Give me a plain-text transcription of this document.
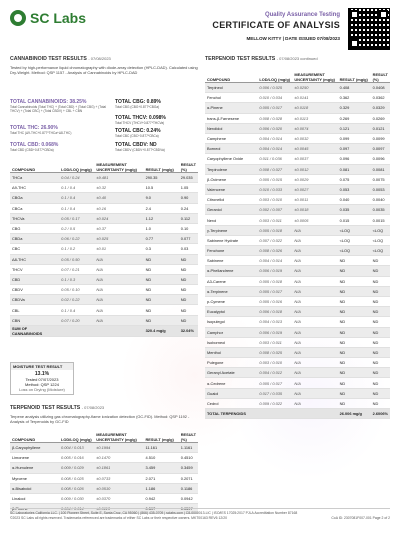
SC Labs	Quality Assurance Testing
CERTIFICATE OF ANALYSIS
MELLOW KITTY | DATE ISSUED 07/08/2023
CANNABINOID TEST RESULTS - 07/08/2023
Tested by high-performance liquid chromatography with diode-array detection (HPLC-DAD). Calculated using Dry-Weight. Method: QSP 1157 - Analysis of Cannabinoids by HPLC-DAD
TOTAL CANNABINOIDS: 38.25%
Total Cannabinoids (Total THC) + (Total CBD) + (Total CBG) + (Total THCV) + (Total CBC) + (Total CBDV) + CBL + CBN
TOTAL CBG: 0.89%
Total CBG (CBG+0.877*CBGa)
TOTAL THC: 26.90%
Total THC (Δ9-THC+0.877*THCa+Δ8-THC)
TOTAL THCV: 0.098%
Total THCV (THCV+0.877*THCVa)
TOTAL CBD: 0.068%
Total CBD (CBD+0.877*CBDa)
TOTAL CBC: 0.24%
Total CBC (CBC+0.877*CBCa)
TOTAL CBDV: ND
Total CBDV (CBDV+0.877*CBDVa)
COMPOUND	LOD/LOQ (mg/g)	MEASUREMENT UNCERTAINTY (mg/g)	RESULT (mg/g)	RESULT (%)
THCa	0.04 / 0.24	±9.481	290.35	29.035
Δ9-THC	0.1 / 0.4	±0.32	10.5	1.05
CBGa	0.1 / 0.4	±0.40	9.0	0.90
CBCa	0.1 / 0.4	±0.16	2.4	0.24
THCVa	0.05 / 0.17	±0.024	1.12	0.112
CBG	0.2 / 0.5	±0.37	1.0	0.10
CBDa	0.06 / 0.22	±0.025	0.77	0.077
CBC	0.1 / 0.2	±0.01	0.3	0.03
Δ8-THC	0.05 / 0.50	N/A	ND	ND
THCV	0.07 / 0.21	N/A	ND	ND
CBD	0.1 / 0.3	N/A	ND	ND
CBDV	0.05 / 0.10	N/A	ND	ND
CBDVa	0.02 / 0.22	N/A	ND	ND
CBL	0.1 / 0.4	N/A	ND	ND
CBN	0.07 / 0.20	N/A	ND	ND
SUM OF CANNABINOIDS			320.4 mg/g	32.04%
MOISTURE TEST RESULT
13.1%
Tested 07/07/2023
Method: QSP 1224
Loss on Drying (Moisture)
TERPENOID TEST RESULTS - 07/08/2023
Terpene analysis utilizing gas chromatography-flame ionization detection (GC-FID). Method: QSP 1192 - Analysis of Terpenoids by GC-FID
COMPOUND	LOD/LOQ (mg/g)	MEASUREMENT UNCERTAINTY (mg/g)	RESULT (mg/g)	RESULT (%)
β-Caryophyllene	0.004 / 0.013	±0.1994	11.161	1.1161
Limonene	0.005 / 0.016	±0.1470	4.510	0.4510
α-Humulene	0.009 / 0.029	±0.1861	3.459	0.3459
Myrcene	0.008 / 0.025	±0.0733	2.071	0.2071
α-Bisabolol	0.008 / 0.026	±0.0510	1.186	0.1186
Linalool	0.009 / 0.030	±0.0370	0.942	0.0942
β-Pinene	0.004 / 0.014	±0.0113	0.597	0.0597
TERPENOID TEST RESULTS - 07/08/2023 continued
COMPOUND	LOD/LOQ (mg/g)	MEASUREMENT UNCERTAINTY (mg/g)	RESULT (mg/g)	RESULT (%)
Terpineol	0.006 / 0.025	±0.0250	0.408	0.0408
Fenchol	0.010 / 0.034	±0.0141	0.362	0.0362
α-Pinene	0.005 / 0.017	±0.0118	0.329	0.0329
trans-β-Farnesene	0.008 / 0.028	±0.0113	0.269	0.0269
Nerolidol	0.006 / 0.020	±0.0074	0.121	0.0121
Camphene	0.004 / 0.014	±0.0032	0.099	0.0099
Borneol	0.004 / 0.014	±0.0045	0.097	0.0097
Caryophyllene Oxide	0.011 / 0.036	±0.0037	0.096	0.0096
Terpinolene	0.008 / 0.027	±0.0012	0.081	0.0081
β-Ocimene	0.005 / 0.015	±0.0029	0.075	0.0075
Valencene	0.010 / 0.033	±0.0027	0.053	0.0053
Citronellol	0.003 / 0.010	±0.0011	0.040	0.0040
Geraniol	0.002 / 0.007	±0.0018	0.035	0.0035
Nerol	0.003 / 0.011	±0.0005	0.015	0.0015
γ-Terpinene	0.005 / 0.018	N/A	<LOQ	<LOQ
Sabinene Hydrate	0.007 / 0.022	N/A	<LOQ	<LOQ
Fenchone	0.008 / 0.026	N/A	<LOQ	<LOQ
Sabinene	0.004 / 0.014	N/A	ND	ND
α-Phellandrene	0.006 / 0.019	N/A	ND	ND
Δ3-Carene	0.005 / 0.018	N/A	ND	ND
α-Terpinene	0.005 / 0.017	N/A	ND	ND
p-Cymene	0.005 / 0.016	N/A	ND	ND
Eucalyptol	0.006 / 0.018	N/A	ND	ND
Isopulegol	0.004 / 0.013	N/A	ND	ND
Camphor	0.006 / 0.019	N/A	ND	ND
Isoborneol	0.003 / 0.011	N/A	ND	ND
Menthol	0.008 / 0.025	N/A	ND	ND
Pulegone	0.003 / 0.010	N/A	ND	ND
Geranyl Acetate	0.004 / 0.012	N/A	ND	ND
α-Cedrene	0.005 / 0.017	N/A	ND	ND
Guaiol	0.017 / 0.035	N/A	ND	ND
Cedrol	0.009 / 0.022	N/A	ND	ND
TOTAL TERPENOIDS			26.006 mg/g	2.6006%
SC Laboratories California LLC. | 100 Pioneer Street, Suite E, Santa Cruz, CA 95060 | (866) 435-0709 | sclabs.com | C8-0000013-LIC | ISO/IES 17025:2017 PJLA Accreditation Number 87168
©2023 SC Labs all rights reserved. Trademarks referenced are trademarks of either SC Labs or their respective owners. MKT00163 REV6 12/20	CoA ID: 2307081F007-001 Page 2 of 2
